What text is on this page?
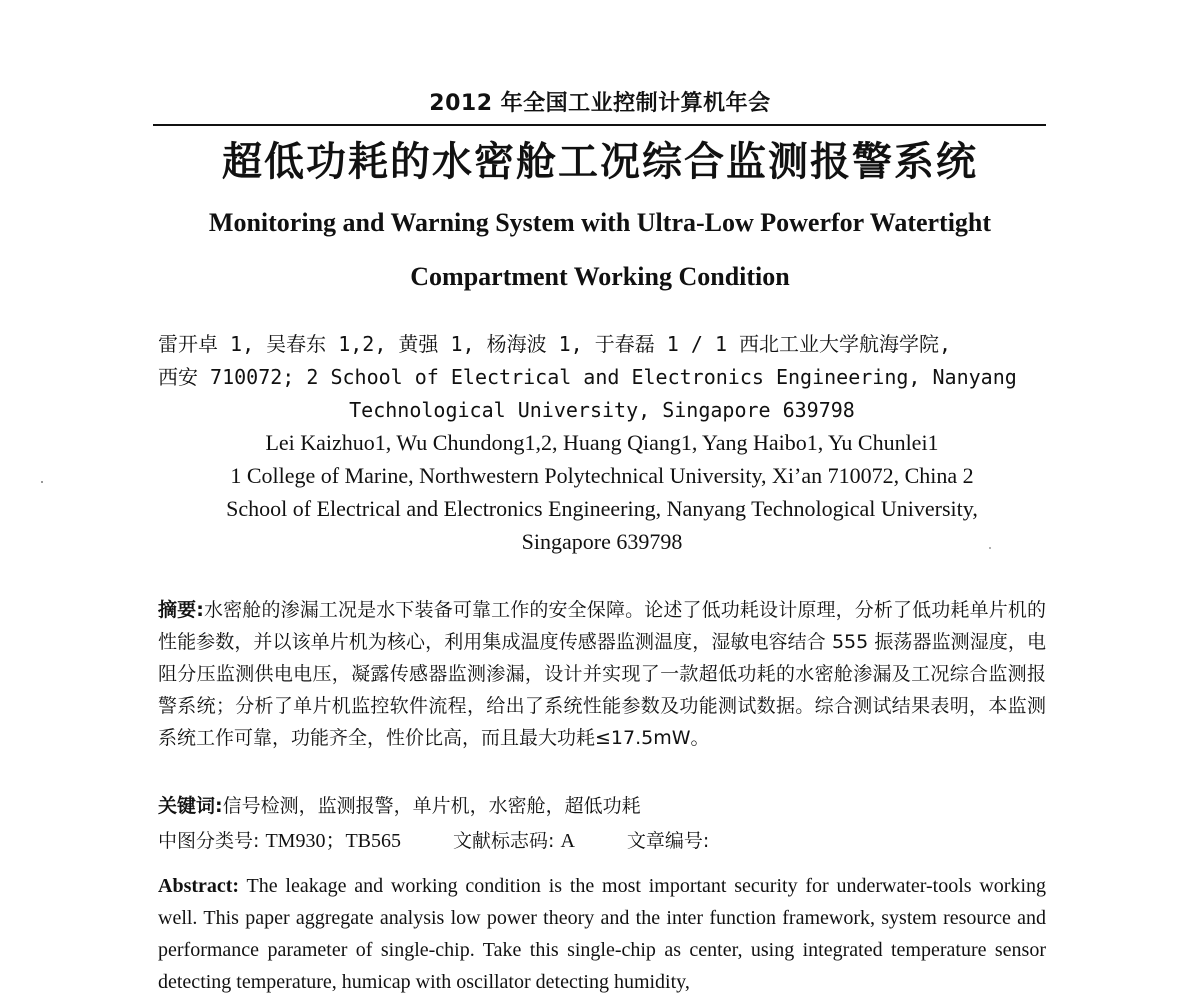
2012 年全国工业控制计算机年会
超低功耗的水密舱工况综合监测报警系统
Monitoring and Warning System with Ultra-Low Powerfor Watertight
Compartment Working Condition
雷开卓 1, 吴春东 1,2, 黄强 1, 杨海波 1, 于春磊 1 / 1 西北工业大学航海学院,
西安 710072; 2 School of Electrical and Electronics Engineering, Nanyang
Technological University, Singapore 639798
Lei Kaizhuo1, Wu Chundong1,2, Huang Qiang1, Yang Haibo1, Yu Chunlei1
1 College of Marine, Northwestern Polytechnical University, Xi’an 710072, China 2
School of Electrical and Electronics Engineering, Nanyang Technological University,
Singapore 639798
摘要:水密舱的渗漏工况是水下装备可靠工作的安全保障。论述了低功耗设计原理，分析了低功耗单片机的性能参数，并以该单片机为核心，利用集成温度传感器监测温度，湿敏电容结合 555 振荡器监测湿度，电阻分压监测供电电压，凝露传感器监测渗漏，设计并实现了一款超低功耗的水密舱渗漏及工况综合监测报警系统；分析了单片机监控软件流程，给出了系统性能参数及功能测试数据。综合测试结果表明，本监测系统工作可靠，功能齐全，性价比高，而且最大功耗≤17.5mW。
关键词:信号检测，监测报警，单片机，水密舱，超低功耗
中图分类号: TM930；TB565	文献标志码: A	文章编号:
Abstract: The leakage and working condition is the most important security for underwater-tools working well. This paper aggregate analysis low power theory and the inter function framework, system resource and performance parameter of single-chip. Take this single-chip as center, using integrated temperature sensor detecting temperature, humicap with oscillator detecting humidity,
